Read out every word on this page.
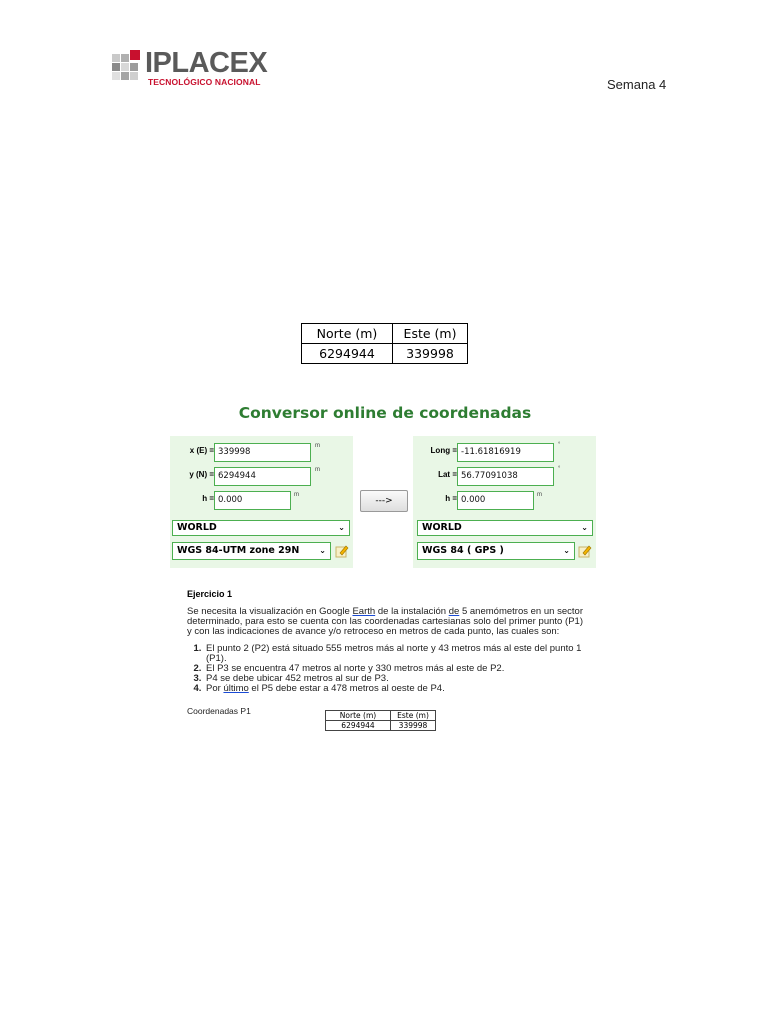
IPLACEX
TECNOLÓGICO NACIONAL	Semana 4
Norte (m)	Este (m)
6294944	339998
Conversor online de coordenadas
x (E) = 339998
m
y (N) = 6294944
m
h = 0.000	m
WORLD	⌄
WGS 84-UTM zone 29N	⌄
--->
Long = -11.61816919
°
Lat = 56.77091038
°
h = 0.000	m
WORLD	⌄
WGS 84 ( GPS )	⌄
Ejercicio 1

Se necesita la visualización en Google Earth de la instalación de 5 anemómetros en un sector determinado, para esto se cuenta con las coordenadas cartesianas solo del primer punto (P1) y con las indicaciones de avance y/o retroceso en metros de cada punto, las cuales son:

1. El punto 2 (P2) está situado 555 metros más al norte y 43 metros más al este del punto 1 (P1).
2. El P3 se encuentra 47 metros al norte y 330 metros más al este de P2.
3. P4 se debe ubicar 452 metros al sur de P3.
4. Por último el P5 debe estar a 478 metros al oeste de P4.
Coordenadas P1	Norte (m)	Este (m)
6294944	339998
